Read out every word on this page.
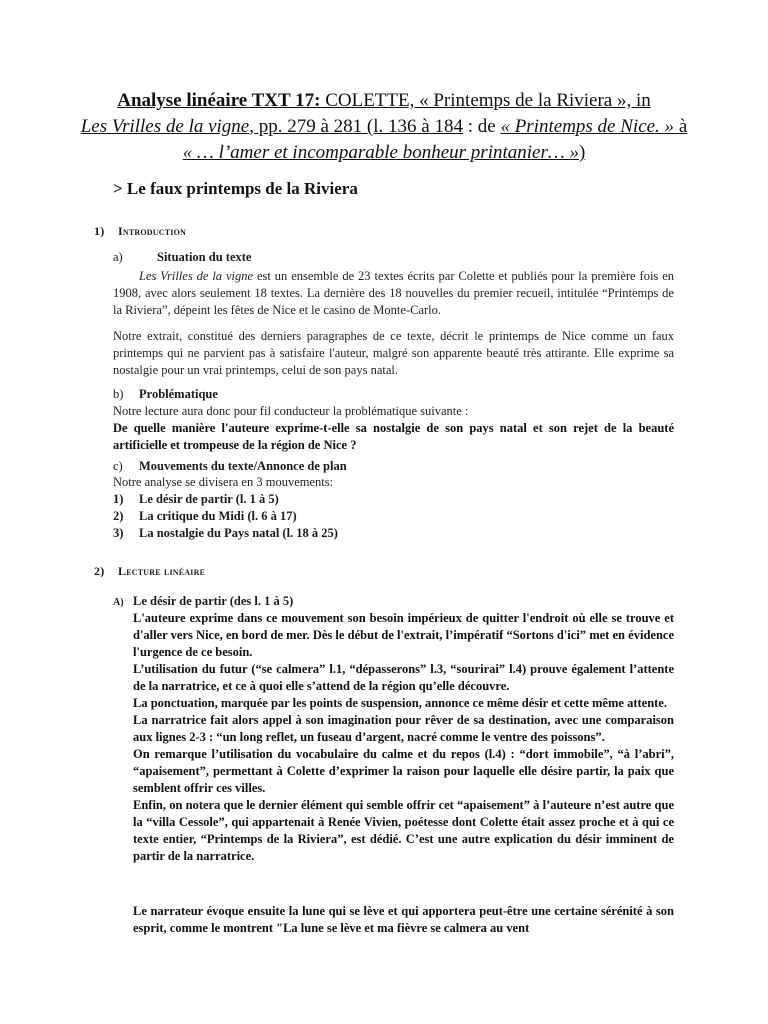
Analyse linéaire TXT 17: COLETTE, « Printemps de la Riviera », in
Les Vrilles de la vigne, pp. 279 à 281 (l. 136 à 184 : de « Printemps de Nice. » à
« … l’amer et incomparable bonheur printanier… »)
> Le faux printemps de la Riviera
1) Introduction
a)	Situation du texte
Les Vrilles de la vigne est un ensemble de 23 textes écrits par Colette et publiés pour la première fois en 1908, avec alors seulement 18 textes. La dernière des 18 nouvelles du premier recueil, intitulée “Printemps de la Riviera”, dépeint les fêtes de Nice et le casino de Monte-Carlo.
Notre extrait, constitué des derniers paragraphes de ce texte, décrit le printemps de Nice comme un faux printemps qui ne parvient pas à satisfaire l'auteur, malgré son apparente beauté très attirante. Elle exprime sa nostalgie pour un vrai printemps, celui de son pays natal.
b) Problématique
Notre lecture aura donc pour fil conducteur la problématique suivante :
De quelle manière l'auteure exprime-t-elle sa nostalgie de son pays natal et son rejet de la beauté artificielle et trompeuse de la région de Nice ?
c) Mouvements du texte/Annonce de plan
Notre analyse se divisera en 3 mouvements:
1) Le désir de partir (l. 1 à 5)
2) La critique du Midi (l. 6 à 17)
3) La nostalgie du Pays natal (l. 18 à 25)
2) Lecture linéaire
A) Le désir de partir (des l. 1 à 5)

L'auteure exprime dans ce mouvement son besoin impérieux de quitter l'endroit où elle se trouve et d'aller vers Nice, en bord de mer. Dès le début de l'extrait, l’impératif “Sortons d'ici” met en évidence l'urgence de ce besoin.

L’utilisation du futur (“se calmera” l.1, “dépasserons” l.3, “sourirai” l.4) prouve également l’attente de la narratrice, et ce à quoi elle s’attend de la région qu’elle découvre.

La ponctuation, marquée par les points de suspension, annonce ce même désir et cette même attente.

La narratrice fait alors appel à son imagination pour rêver de sa destination, avec une comparaison aux lignes 2-3 : “un long reflet, un fuseau d’argent, nacré comme le ventre des poissons”.

On remarque l’utilisation du vocabulaire du calme et du repos (l.4) : “dort immobile”, “à l’abri”, “apaisement”, permettant à Colette d’exprimer la raison pour laquelle elle désire partir, la paix que semblent offrir ces villes.

Enfin, on notera que le dernier élément qui semble offrir cet “apaisement” à l’auteure n’est autre que la “villa Cessole”, qui appartenait à Renée Vivien, poétesse dont Colette était assez proche et à qui ce texte entier, “Printemps de la Riviera”, est dédié. C’est une autre explication du désir imminent de partir de la narratrice.

Le narrateur évoque ensuite la lune qui se lève et qui apportera peut-être une certaine sérénité à son esprit, comme le montrent "La lune se lève et ma fièvre se calmera au vent
